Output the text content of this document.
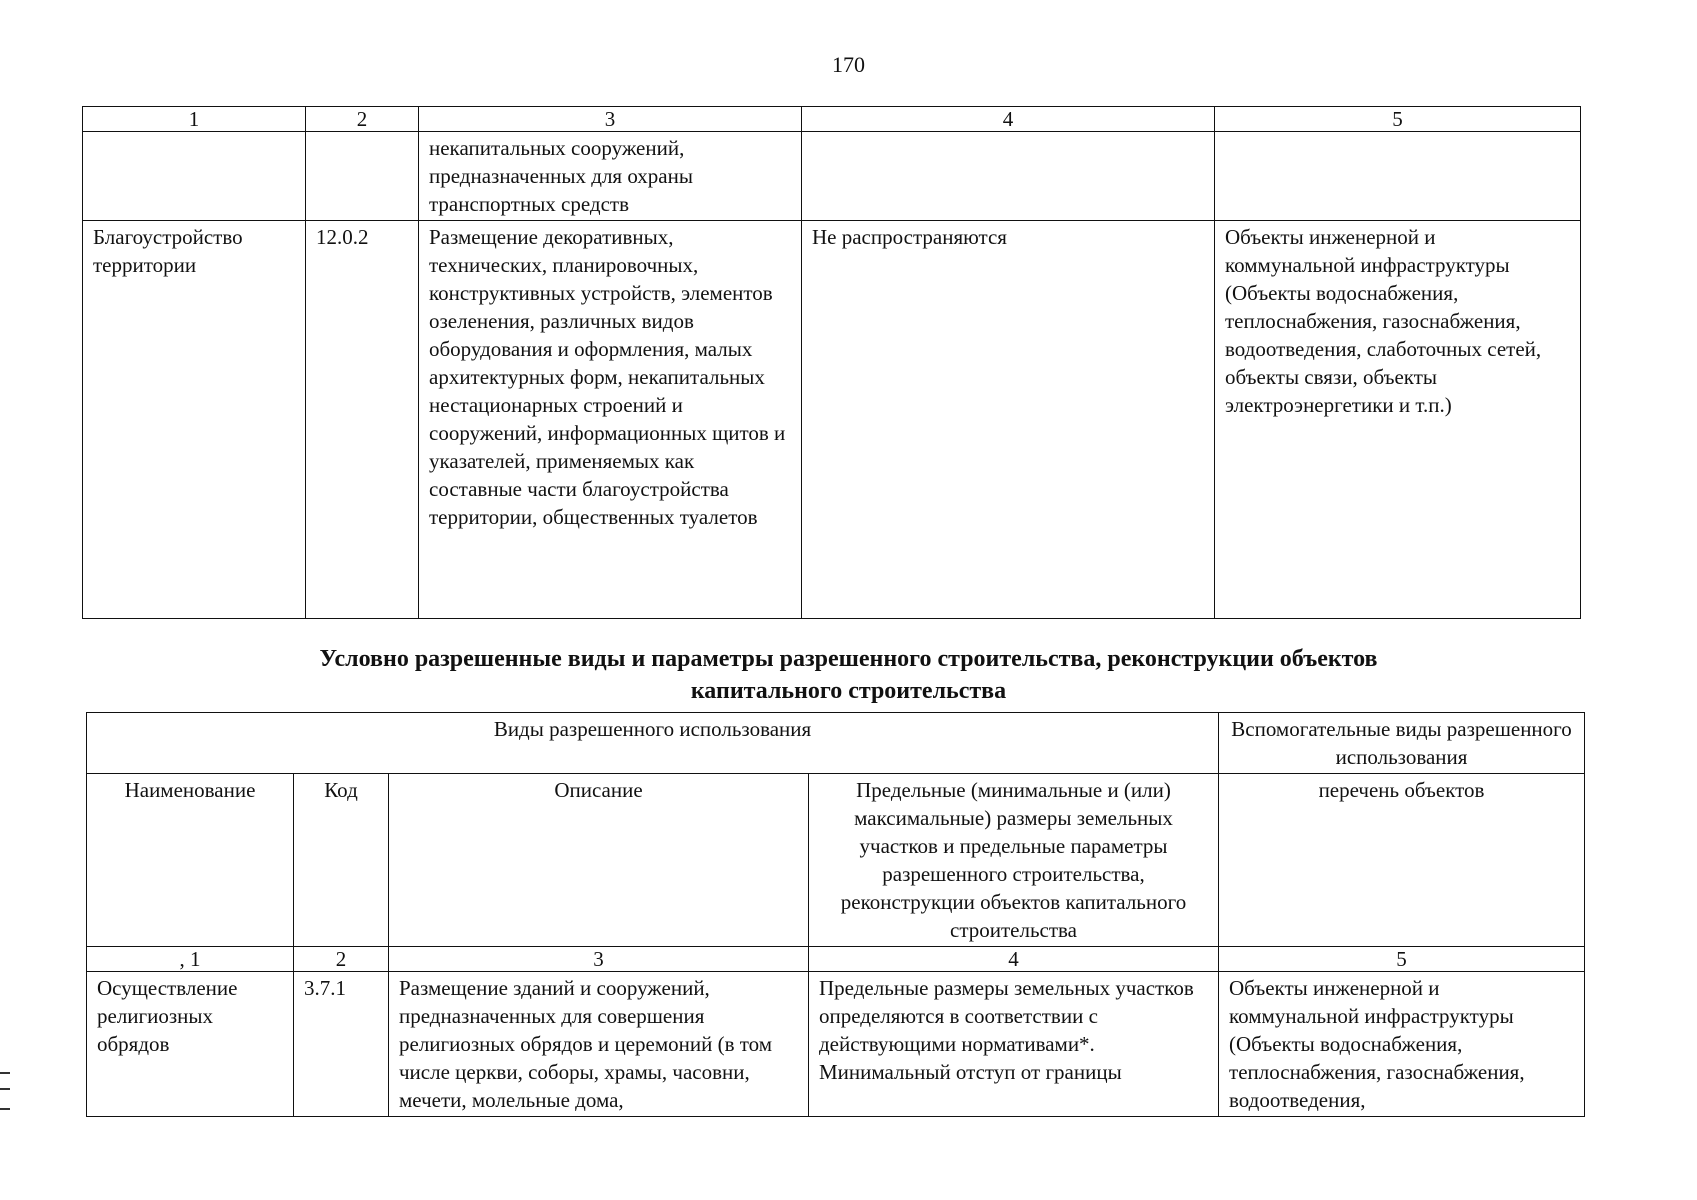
170
1	2	3	4	5
		некапитальных сооружений, предназначенных для охраны транспортных средств		
Благоустройство территории	12.0.2	Размещение декоративных, технических, планировочных, конструктивных устройств, элементов озеленения, различных видов оборудования и оформления, малых архитектурных форм, некапитальных нестационарных строений и сооружений, информационных щитов и указателей, применяемых как составные части благоустройства территории, общественных туалетов	Не распространяются	Объекты инженерной и коммунальной инфраструктуры (Объекты водоснабжения, теплоснабжения, газоснабжения, водоотведения, слаботочных сетей, объекты связи, объекты электроэнергетики и т.п.)
Условно разрешенные виды и параметры разрешенного строительства, реконструкции объектов
капитального строительства
Виды разрешенного использования				Вспомогательные виды разрешенного использования
Наименование	Код	Описание	Предельные (минимальные и (или) максимальные) размеры земельных участков и предельные параметры разрешенного строительства, реконструкции объектов капитального строительства	перечень объектов
, 1	2	3	4	5
Осуществление религиозных обрядов	3.7.1	Размещение зданий и сооружений, предназначенных для совершения религиозных обрядов и церемоний (в том числе церкви, соборы, храмы, часовни, мечети, молельные дома,	Предельные размеры земельных участков определяются в соответствии с действующими нормативами*. Минимальный отступ от границы	Объекты инженерной и коммунальной инфраструктуры (Объекты водоснабжения, теплоснабжения, газоснабжения, водоотведения,
